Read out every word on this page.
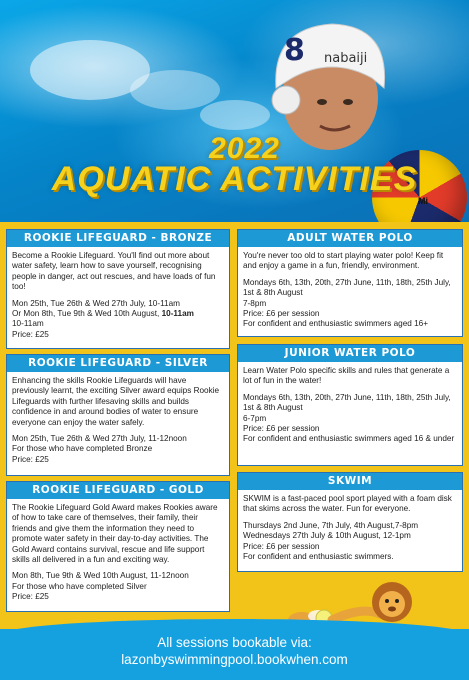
8 nabaiji
Mi
2022
AQUATIC ACTIVITIES
ROOKIE LIFEGUARD - BRONZE

Become a Rookie Lifeguard. You'll find out more about water safety, learn how to save yourself, recognising people in danger, act out rescues, and have loads of fun too!

Mon 25th, Tue 26th & Wed 27th July, 10-11am
Or Mon 8th, Tue 9th & Wed 10th August, 10-11am
10-11am
Price: £25
ROOKIE LIFEGUARD - SILVER

Enhancing the skills Rookie Lifeguards will have previously learnt, the exciting Silver award equips Rookie Lifeguards with further lifesaving skills and builds confidence in and around bodies of water to ensure everyone can enjoy the water safely.

Mon 25th, Tue 26th & Wed 27th July, 11-12noon
For those who have completed Bronze
Price: £25
ROOKIE LIFEGUARD - GOLD

The Rookie Lifeguard Gold Award makes Rookies aware of how to take care of themselves, their family, their friends and give them the information they need to promote water safety in their day-to-day activities. The Gold Award contains survival, rescue and life support skills all delivered in a fun and exciting way.

Mon 8th, Tue 9th & Wed 10th August, 11-12noon
For those who have completed Silver
Price: £25
ADULT WATER POLO

You're never too old to start playing water polo! Keep fit and enjoy a game in a fun, friendly, environment.

Mondays 6th, 13th, 20th, 27th June, 11th, 18th, 25th July, 1st & 8th August
7-8pm
Price: £6 per session
For confident and enthusiastic swimmers aged 16+
JUNIOR WATER POLO

Learn Water Polo specific skills and rules that generate a lot of fun in the water!

Mondays 6th, 13th, 20th, 27th June, 11th, 18th, 25th July, 1st & 8th August
6-7pm
Price: £6 per session
For confident and enthusiastic swimmers aged 16 & under
SKWIM

SKWIM is a fast-paced pool sport played with a foam disk that skims across the water. Fun for everyone.

Thursdays 2nd June, 7th July, 4th August,7-8pm
Wednesdays 27th July & 10th August, 12-1pm
Price: £6 per session
For confident and enthusiastic swimmers.
All sessions bookable via:
lazonbyswimmingpool.bookwhen.com
